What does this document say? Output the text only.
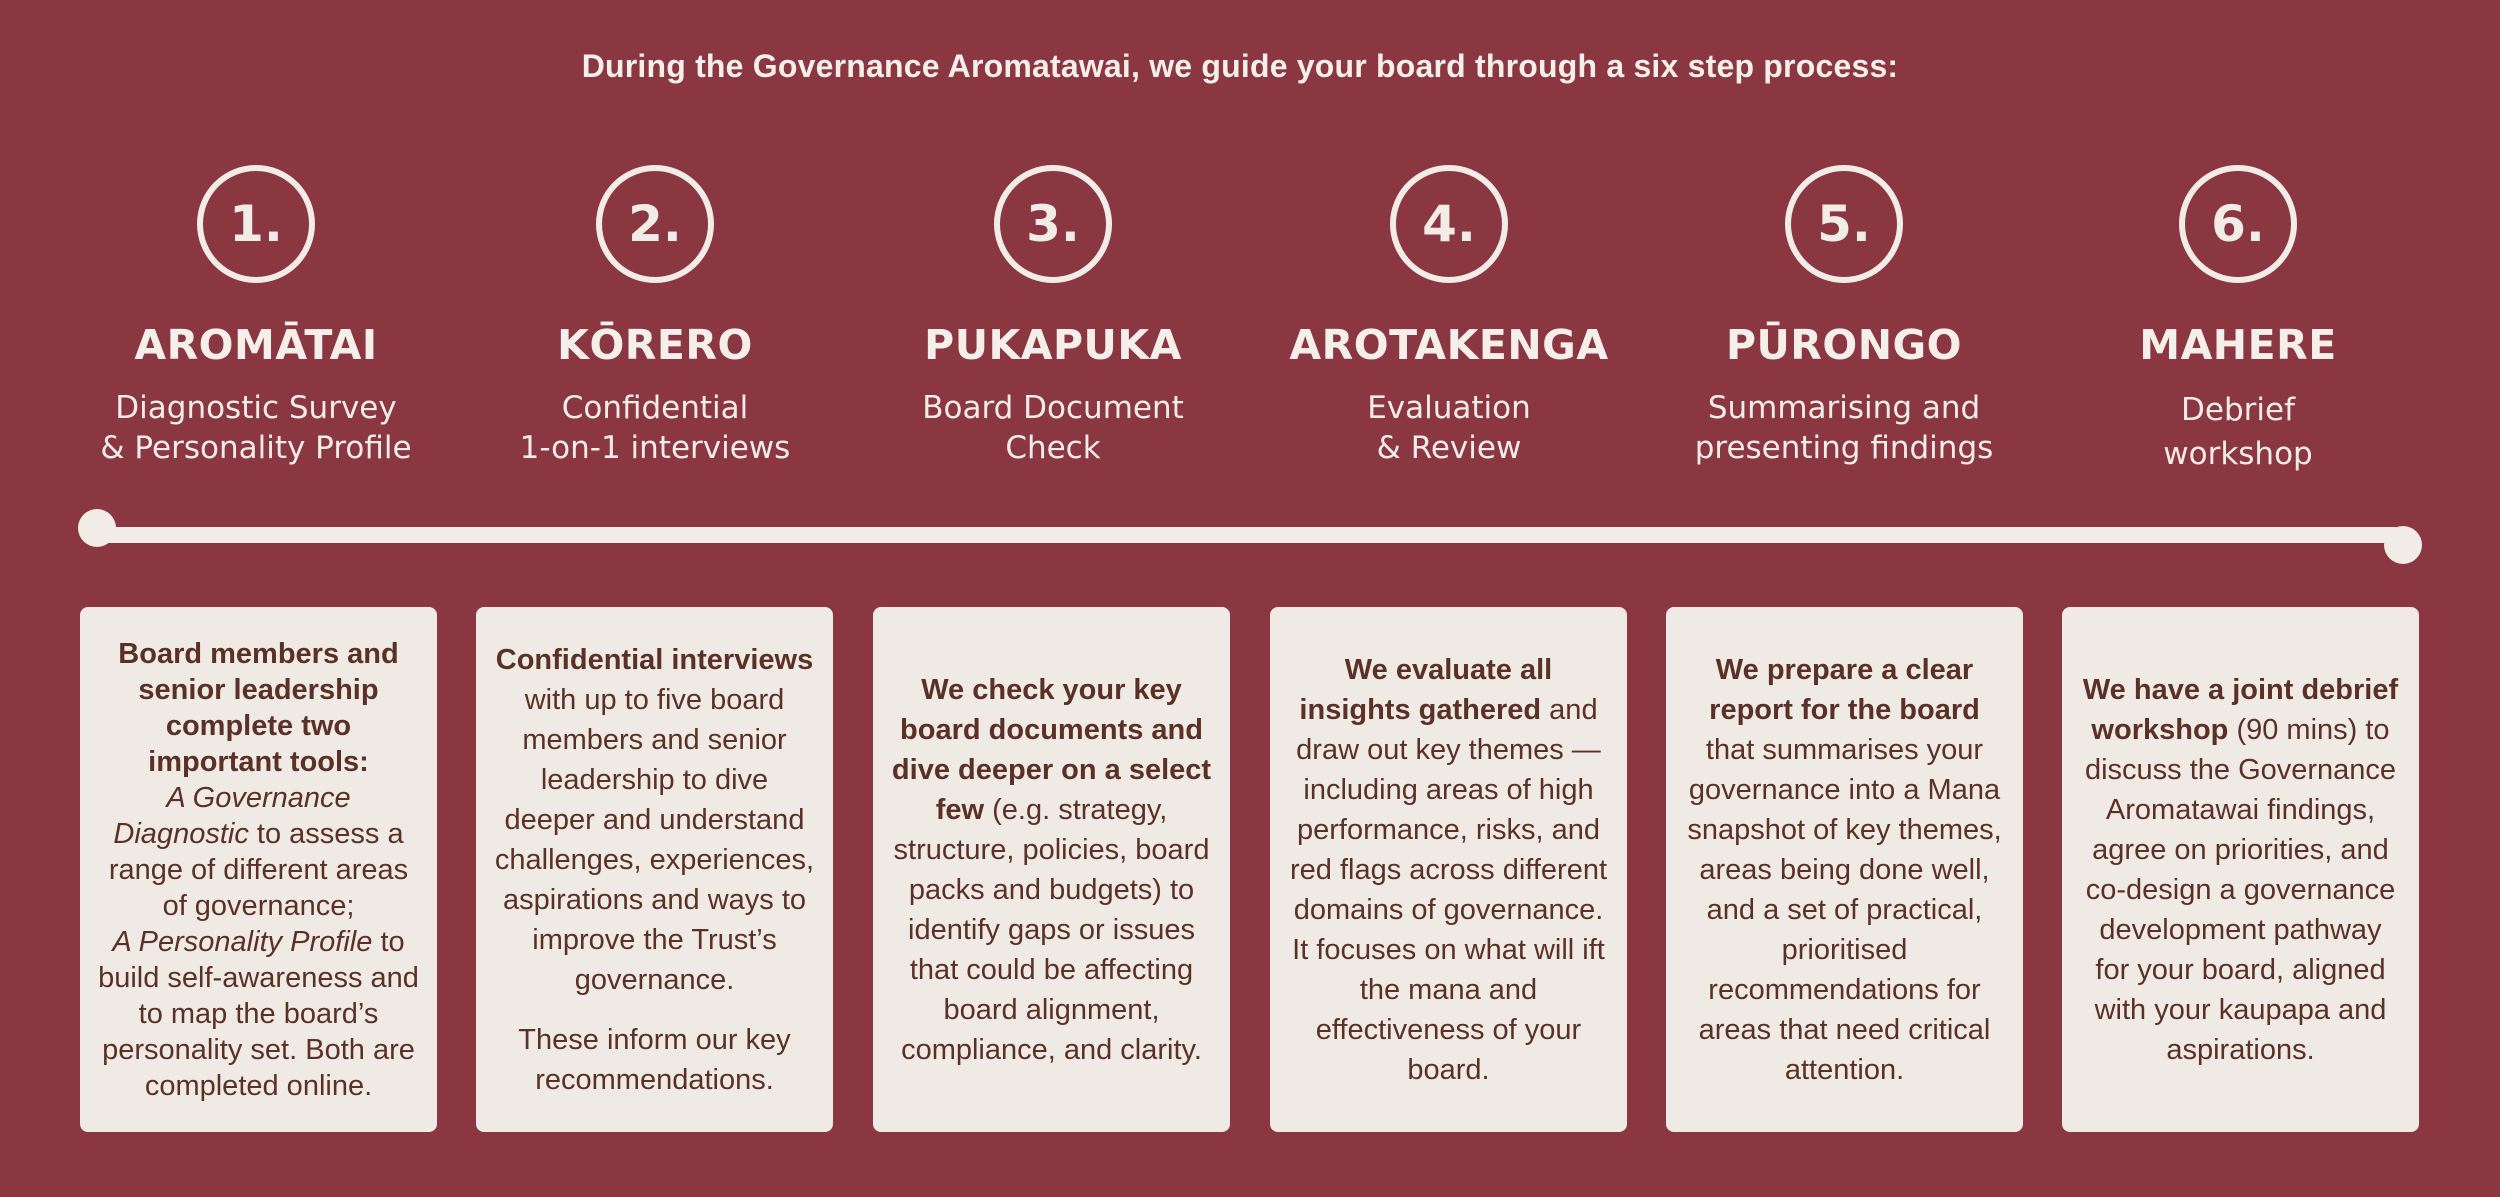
During the Governance Aromatawai, we guide your board through a six step process:
1.
AROMĀTAI
Diagnostic Survey
& Personality Profile
2.
KŌRERO
Confidential
1-on-1 interviews
3.
PUKAPUKA
Board Document
Check
4.
AROTAKENGA
Evaluation
& Review
5.
PŪRONGO
Summarising and
presenting findings
6.
MAHERE
Debrief
workshop

Board members and senior leadership complete two important tools:
A Governance Diagnostic to assess a range of different areas of governance;
A Personality Profile to build self-awareness and to map the board’s personality set. Both are completed online.

Confidential interviews with up to five board members and senior leadership to dive deeper and understand challenges, experiences, aspirations and ways to improve the Trust’s governance.

These inform our key recommendations.

We check your key board documents and dive deeper on a select few (e.g. strategy, structure, policies, board packs and budgets) to identify gaps or issues that could be affecting board alignment, compliance, and clarity.

We evaluate all insights gathered and draw out key themes — including areas of high performance, risks, and red flags across different domains of governance. It focuses on what will ift the mana and effectiveness of your board.

We prepare a clear report for the board that summarises your governance into a Mana snapshot of key themes, areas being done well, and a set of practical, prioritised recommendations for areas that need critical attention.

We have a joint debrief workshop (90 mins) to discuss the Governance Aromatawai findings, agree on priorities, and co-design a governance development pathway for your board, aligned with your kaupapa and aspirations.
